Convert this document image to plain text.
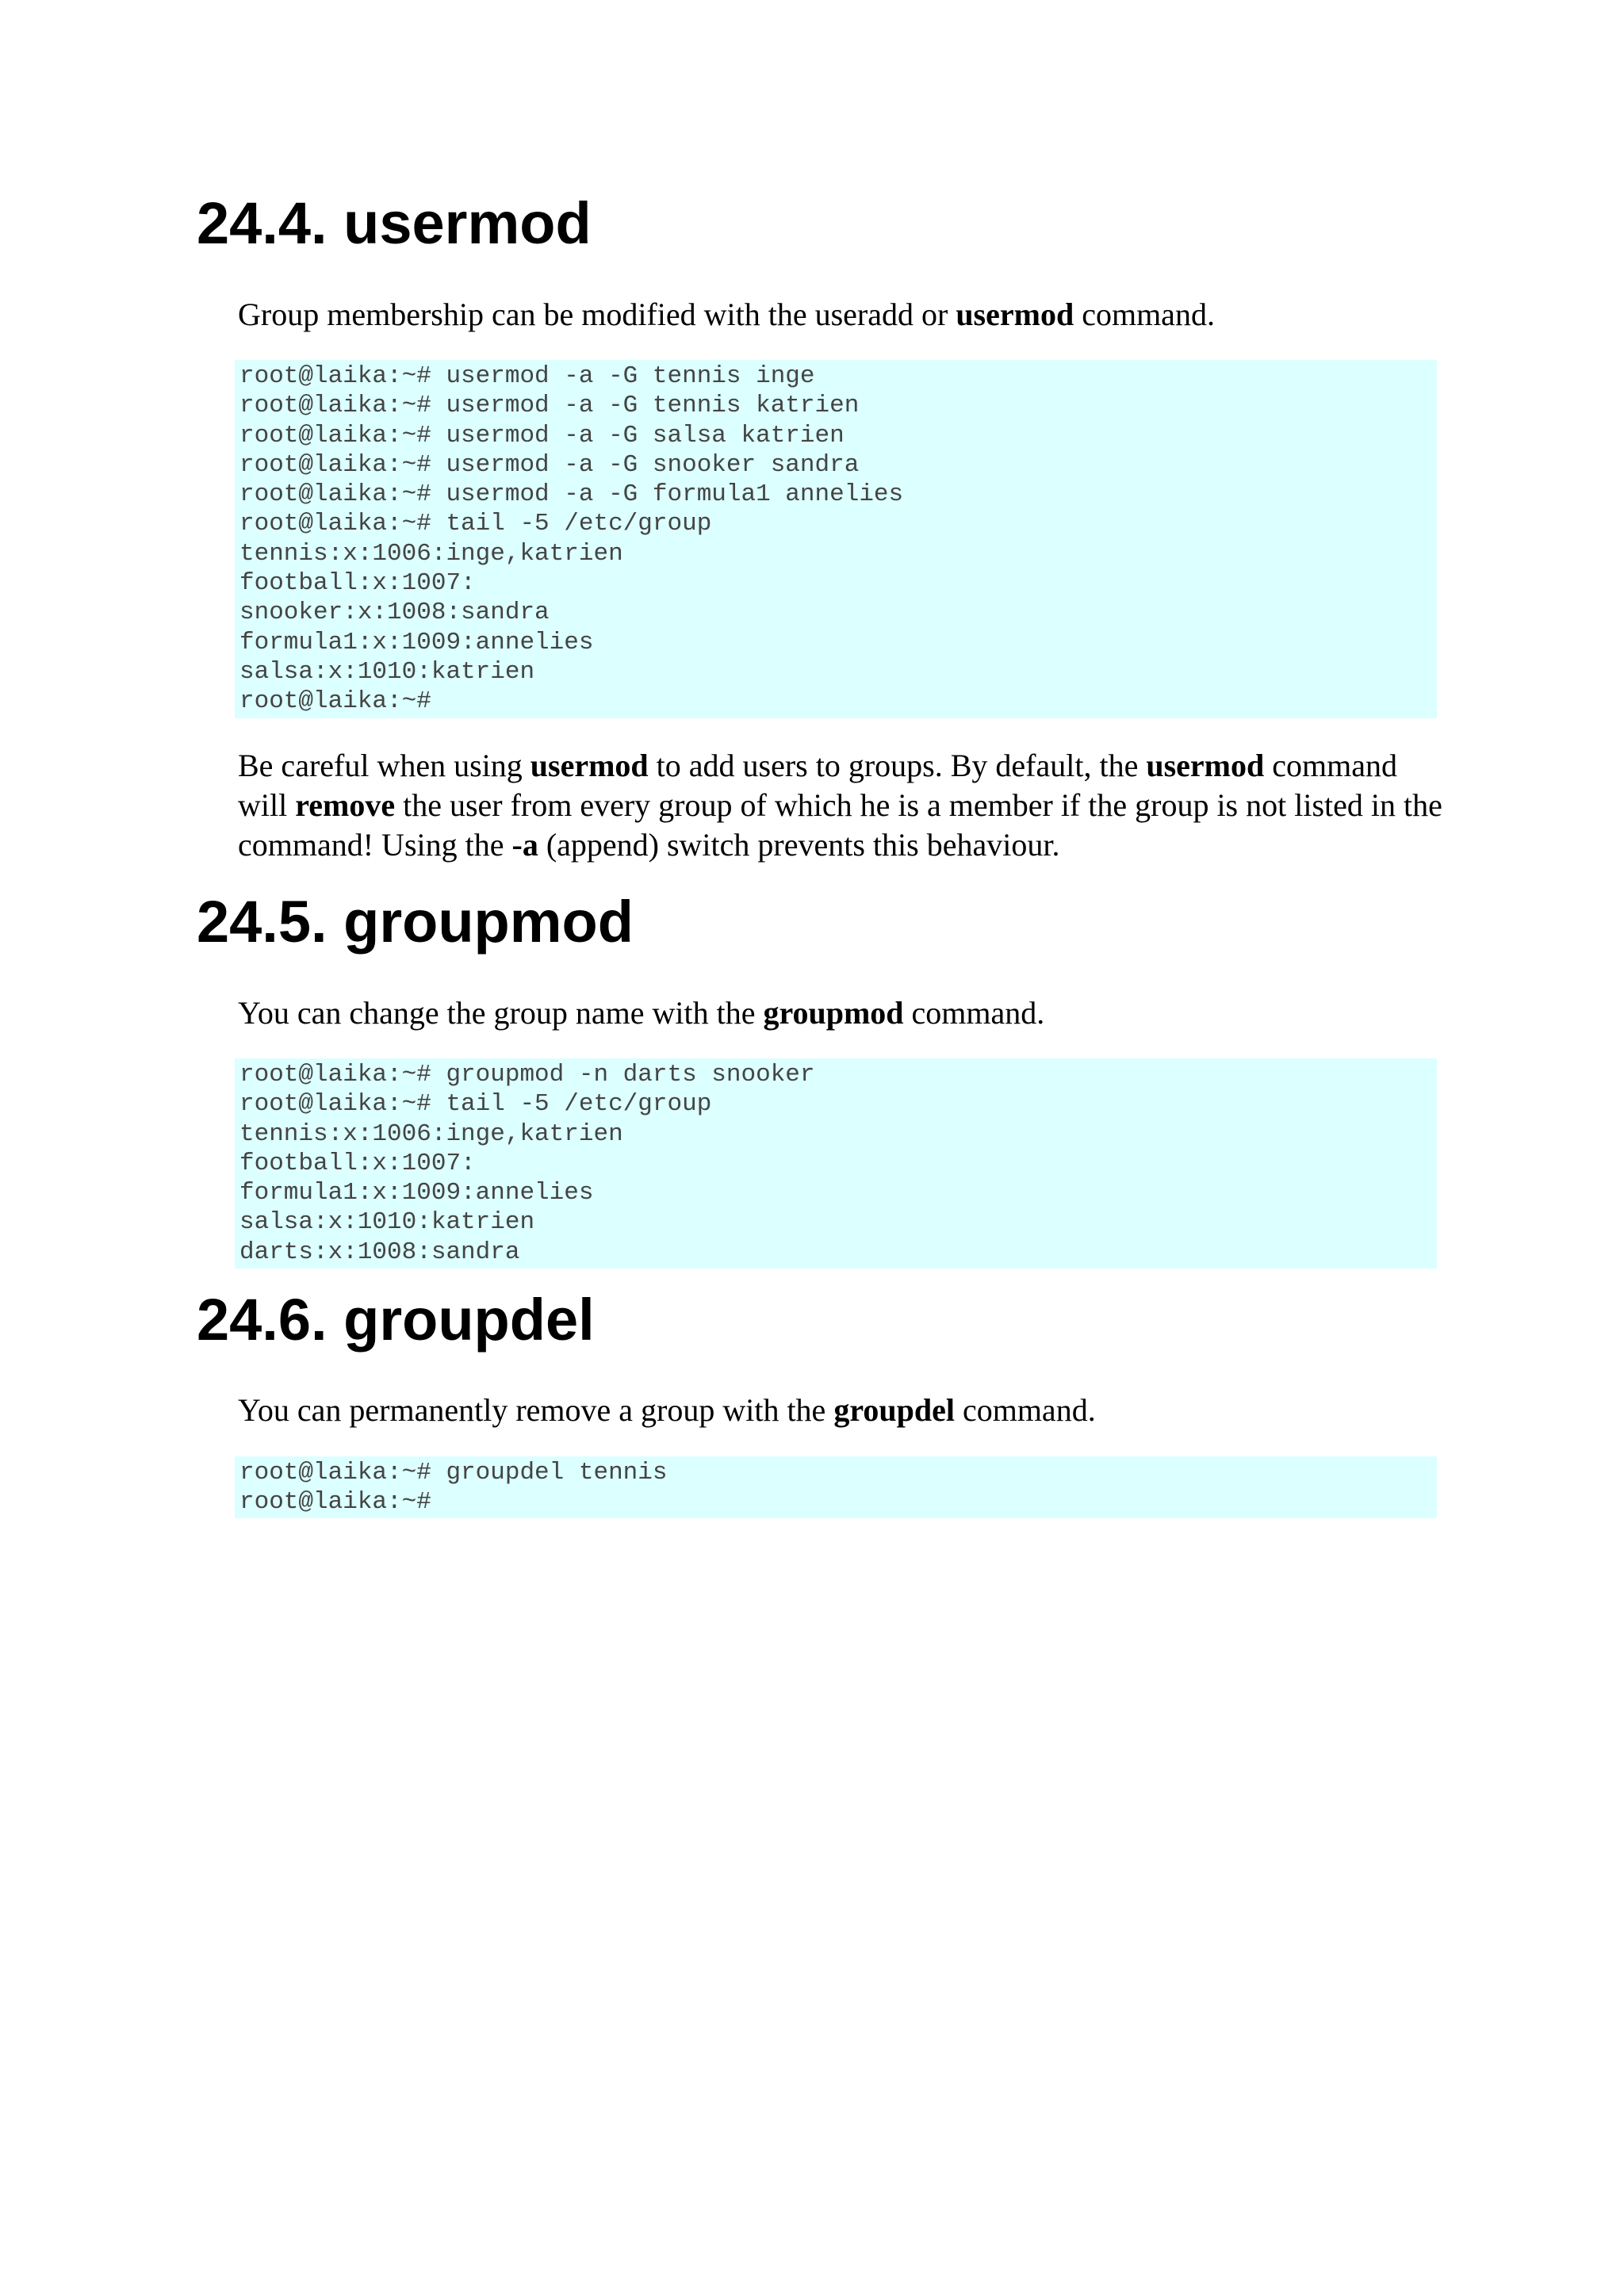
24.4. usermod

Group membership can be modified with the useradd or usermod command.

root@laika:~# usermod -a -G tennis inge
root@laika:~# usermod -a -G tennis katrien
root@laika:~# usermod -a -G salsa katrien
root@laika:~# usermod -a -G snooker sandra
root@laika:~# usermod -a -G formula1 annelies
root@laika:~# tail -5 /etc/group
tennis:x:1006:inge,katrien
football:x:1007:
snooker:x:1008:sandra
formula1:x:1009:annelies
salsa:x:1010:katrien
root@laika:~#

Be careful when using usermod to add users to groups. By default, the usermod command will remove the user from every group of which he is a member if the group is not listed in the command! Using the -a (append) switch prevents this behaviour.

24.5. groupmod

You can change the group name with the groupmod command.

root@laika:~# groupmod -n darts snooker
root@laika:~# tail -5 /etc/group
tennis:x:1006:inge,katrien
football:x:1007:
formula1:x:1009:annelies
salsa:x:1010:katrien
darts:x:1008:sandra
24.6. groupdel

You can permanently remove a group with the groupdel command.

root@laika:~# groupdel tennis
root@laika:~#
